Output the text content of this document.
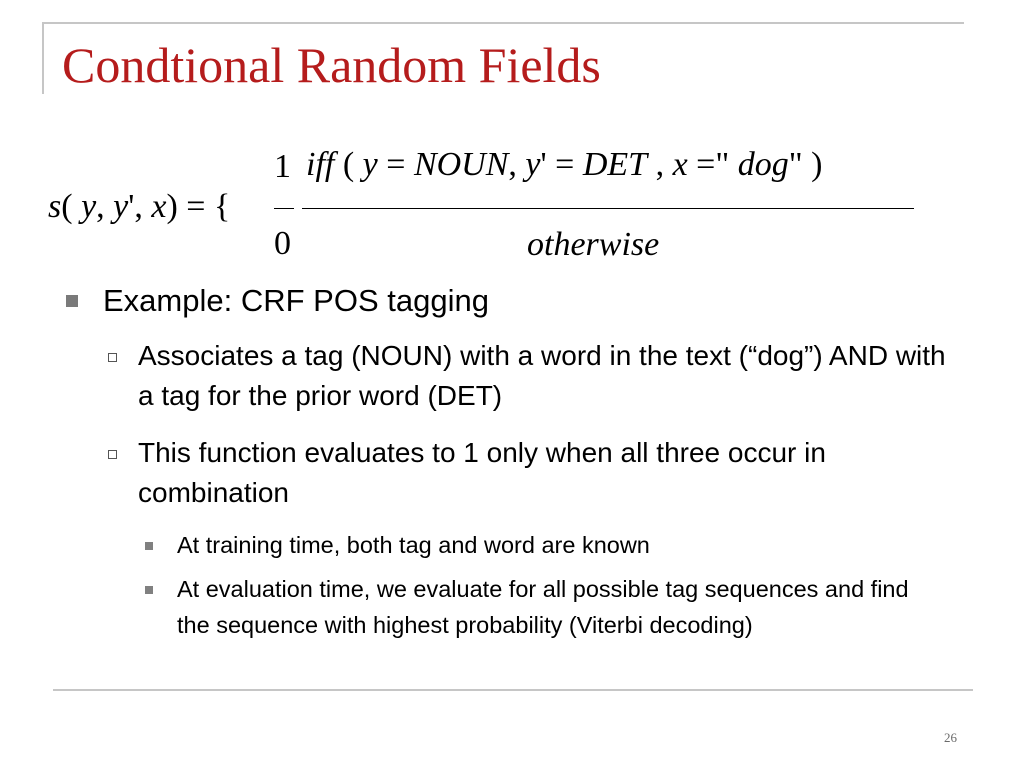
Condtional Random Fields
s( y, y', x) = {
1
0
iff ( y = NOUN, y' = DET , x =" dog" )
otherwise
Example: CRF POS tagging
Associates a tag (NOUN) with a word in the text (“dog”) AND with a tag for the prior word (DET)
This function evaluates to 1 only when all three occur in combination
At training time, both tag and word are known
At evaluation time, we evaluate for all possible tag sequences and find the sequence with highest probability (Viterbi decoding)
26
